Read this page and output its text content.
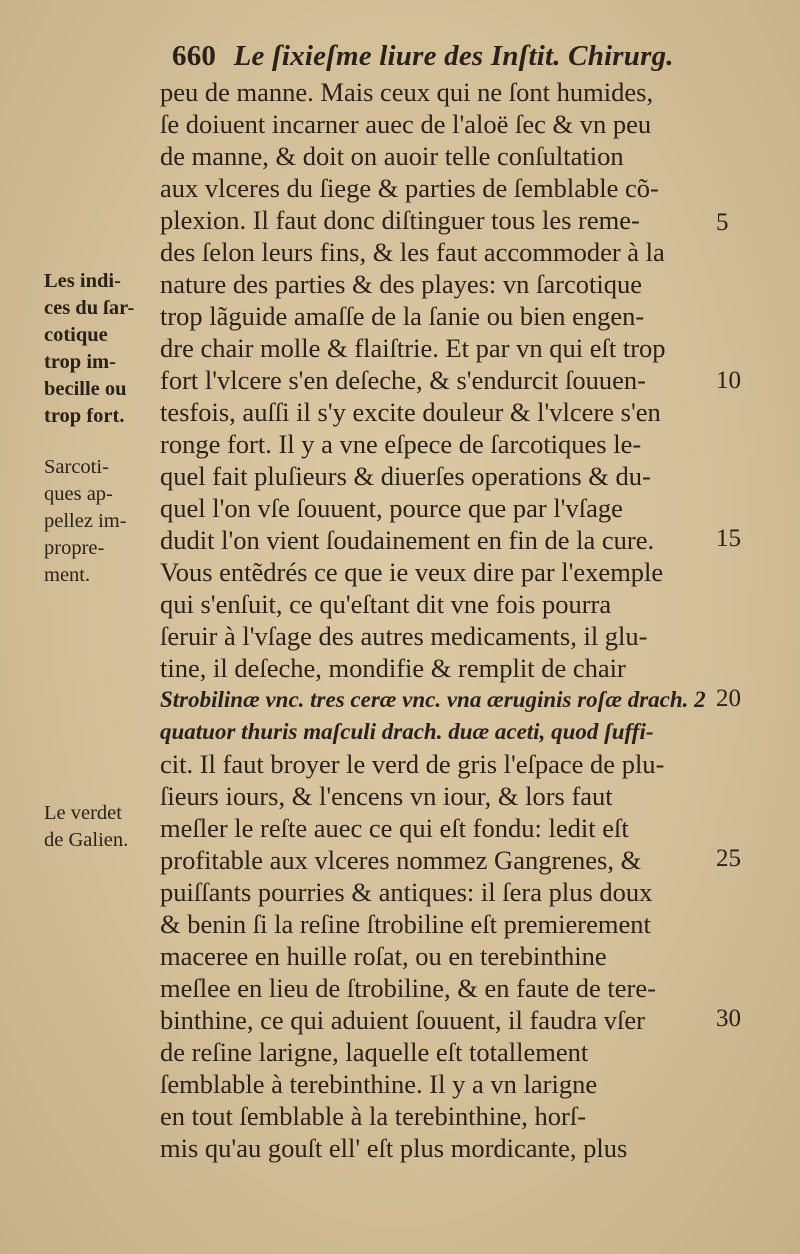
660 Le ſixieſme liure des Inſtit. Chirurg.
peu de manne. Mais ceux qui ne ſont humides,
ſe doiuent incarner auec de l'aloë ſec & vn peu
de manne, & doit on auoir telle conſultation
aux vlceres du ſiege & parties de ſemblable cõ-
plexion. Il faut donc diſtinguer tous les reme-
des ſelon leurs fins, & les faut accommoder à la
nature des parties & des playes: vn ſarcotique
trop lãguide amaſſe de la ſanie ou bien engen-
dre chair molle & flaiſtrie. Et par vn qui eſt trop
fort l'vlcere s'en deſeche, & s'endurcit ſouuen-
tesfois, auſſi il s'y excite douleur & l'vlcere s'en
ronge fort. Il y a vne eſpece de ſarcotiques le-
quel fait pluſieurs & diuerſes operations & du-
quel l'on vſe ſouuent, pource que par l'vſage
dudit l'on vient ſoudainement en fin de la cure.
Vous entẽdrés ce que ie veux dire par l'exemple
qui s'enſuit, ce qu'eſtant dit vne fois pourra
ſeruir à l'vſage des autres medicaments, il glu-
tine, il deſeche, mondifie & remplit de chair
Strobilinæ vnc. tres ceræ vnc. vna æruginis roſæ drach. 2
quatuor thuris maſculi drach. duæ aceti, quod ſuffi-
cit. Il faut broyer le verd de gris l'eſpace de plu-
ſieurs iours, & l'encens vn iour, & lors faut
meſler le reſte auec ce qui eſt fondu: ledit eſt
profitable aux vlceres nommez Gangrenes, &
puiſſants pourries & antiques: il ſera plus doux
& benin ſi la reſine ſtrobiline eſt premierement
maceree en huille roſat, ou en terebinthine
meſlee en lieu de ſtrobiline, & en faute de tere-
binthine, ce qui aduient ſouuent, il faudra vſer
de reſine larigne, laquelle eſt totallement
ſemblable à terebinthine. Il y a vn larigne
en tout ſemblable à la terebinthine, horſ-
mis qu'au gouſt ell' eſt plus mordicante, plus
5
10
15
20
25
30
Les indi-
ces du ſar-
cotique
trop im-
becille ou
trop fort.
Sarcoti-
ques ap-
pellez im-
propre-
ment.
Le verdet
de Galien.
